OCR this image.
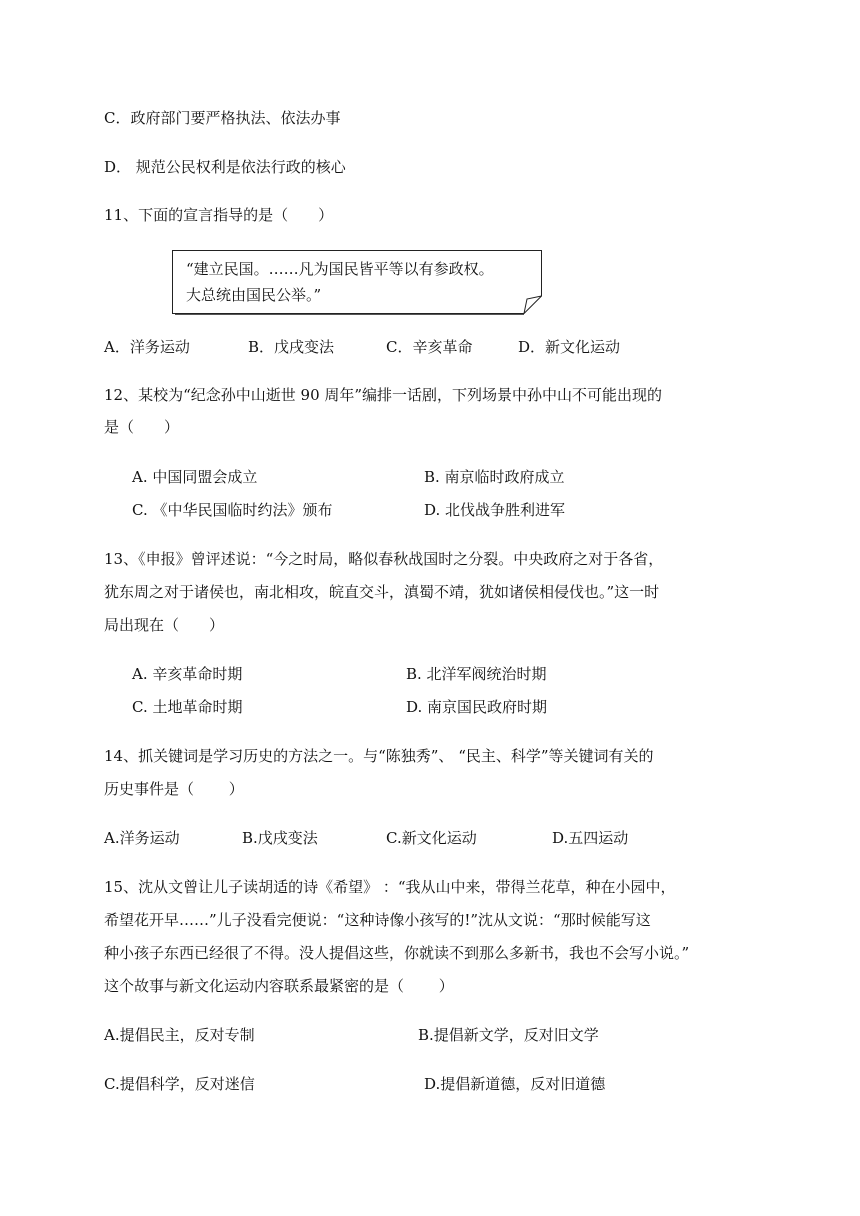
C．政府部门要严格执法、依法办事
D． 规范公民权利是依法行政的核心
11、下面的宣言指导的是（　　）
“建立民国。……凡为国民皆平等以有参政权。
大总统由国民公举。”
A．洋务运动	B．戊戌变法	C．辛亥革命	D．新文化运动
12、某校为“纪念孙中山逝世 90 周年”编排一话剧，下列场景中孙中山不可能出现的
是（　　）
A. 中国同盟会成立	B. 南京临时政府成立
C. 《中华民国临时约法》颁布	D. 北伐战争胜利进军
13、《申报》曾评述说：“今之时局，略似春秋战国时之分裂。中央政府之对于各省，
犹东周之对于诸侯也，南北相攻，皖直交斗，滇蜀不靖，犹如诸侯相侵伐也。”这一时
局出现在（　　）
A. 辛亥革命时期	B. 北洋军阀统治时期
C. 土地革命时期	D. 南京国民政府时期
14、抓关键词是学习历史的方法之一。与“陈独秀”、 “民主、科学”等关键词有关的
历史事件是（　　 ）
A.洋务运动	B.戊戌变法	C.新文化运动	D.五四运动
15、沈从文曾让儿子读胡适的诗《希望》 ：“我从山中来，带得兰花草，种在小园中，
希望花开早……”儿子没看完便说：“这种诗像小孩写的!”沈从文说：“那时候能写这
种小孩子东西已经很了不得。没人提倡这些，你就读不到那么多新书，我也不会写小说。”
这个故事与新文化运动内容联系最紧密的是（　　 ）
A.提倡民主，反对专制	B.提倡新文学，反对旧文学
C.提倡科学，反对迷信	D.提倡新道德，反对旧道德
